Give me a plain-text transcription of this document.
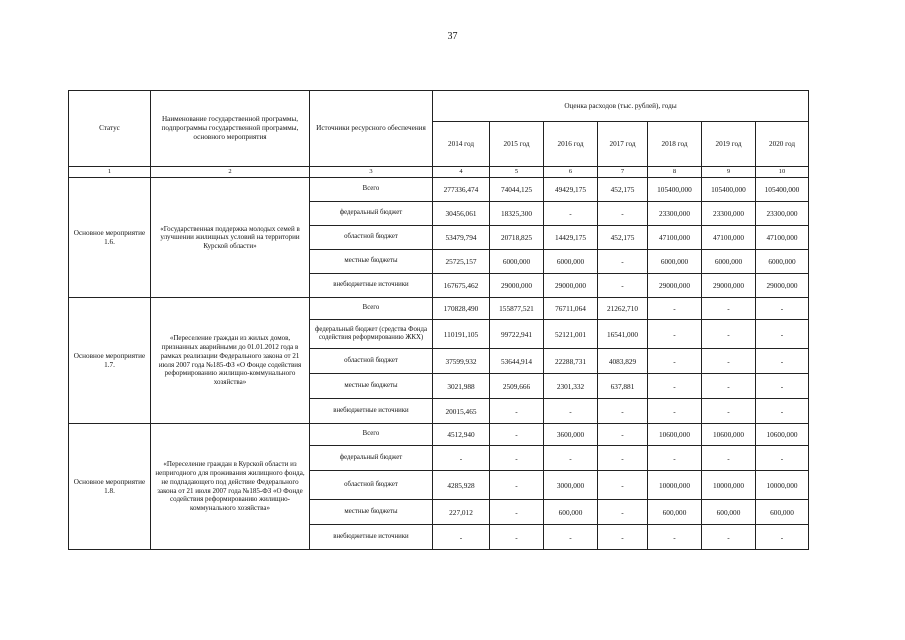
37
Статус	Наименование государственной программы, подпрограммы государственной программы, основного мероприятия	Источники ресурсного обеспечения	Оценка расходов (тыс. рублей), годы						
			2014 год	2015 год	2016 год	2017 год	2018 год	2019 год	2020 год
1	2	3	4	5	6	7	8	9	10
Основное мероприятие 1.6.	«Государственная поддержка молодых семей в улучшении жилищных условий на территории Курской области»	Всего	277336,474	74044,125	49429,175	452,175	105400,000	105400,000	105400,000
		федеральный бюджет	30456,061	18325,300	-	-	23300,000	23300,000	23300,000
		областной бюджет	53479,794	20718,825	14429,175	452,175	47100,000	47100,000	47100,000
		местные бюджеты	25725,157	6000,000	6000,000	-	6000,000	6000,000	6000,000
		внебюджетные источники	167675,462	29000,000	29000,000	-	29000,000	29000,000	29000,000
Основное мероприятие 1.7.	«Переселение граждан из жилых домов, признанных аварийными до 01.01.2012 года в рамках реализации Федерального закона от 21 июля 2007 года №185-ФЗ «О Фонде содействия реформированию жилищно-коммунального хозяйства»	Всего	170828,490	155877,521	76711,064	21262,710	-	-	-
		федеральный бюджет (средства Фонда содействия реформированию ЖКХ)	110191,105	99722,941	52121,001	16541,000	-	-	-
		областной бюджет	37599,932	53644,914	22288,731	4083,829	-	-	-
		местные бюджеты	3021,988	2509,666	2301,332	637,881	-	-	-
		внебюджетные источники	20015,465	-	-	-	-	-	-
Основное мероприятие 1.8.	«Переселение граждан в Курской области из непригодного для проживания жилищного фонда, не подпадающего под действие Федерального закона от 21 июля 2007 года №185-ФЗ «О Фонде содействия реформированию жилищно-коммунального хозяйства»	Всего	4512,940	-	3600,000	-	10600,000	10600,000	10600,000
		федеральный бюджет	-	-	-	-	-	-	-
		областной бюджет	4285,928	-	3000,000	-	10000,000	10000,000	10000,000
		местные бюджеты	227,012	-	600,000	-	600,000	600,000	600,000
		внебюджетные источники	-	-	-	-	-	-	-
